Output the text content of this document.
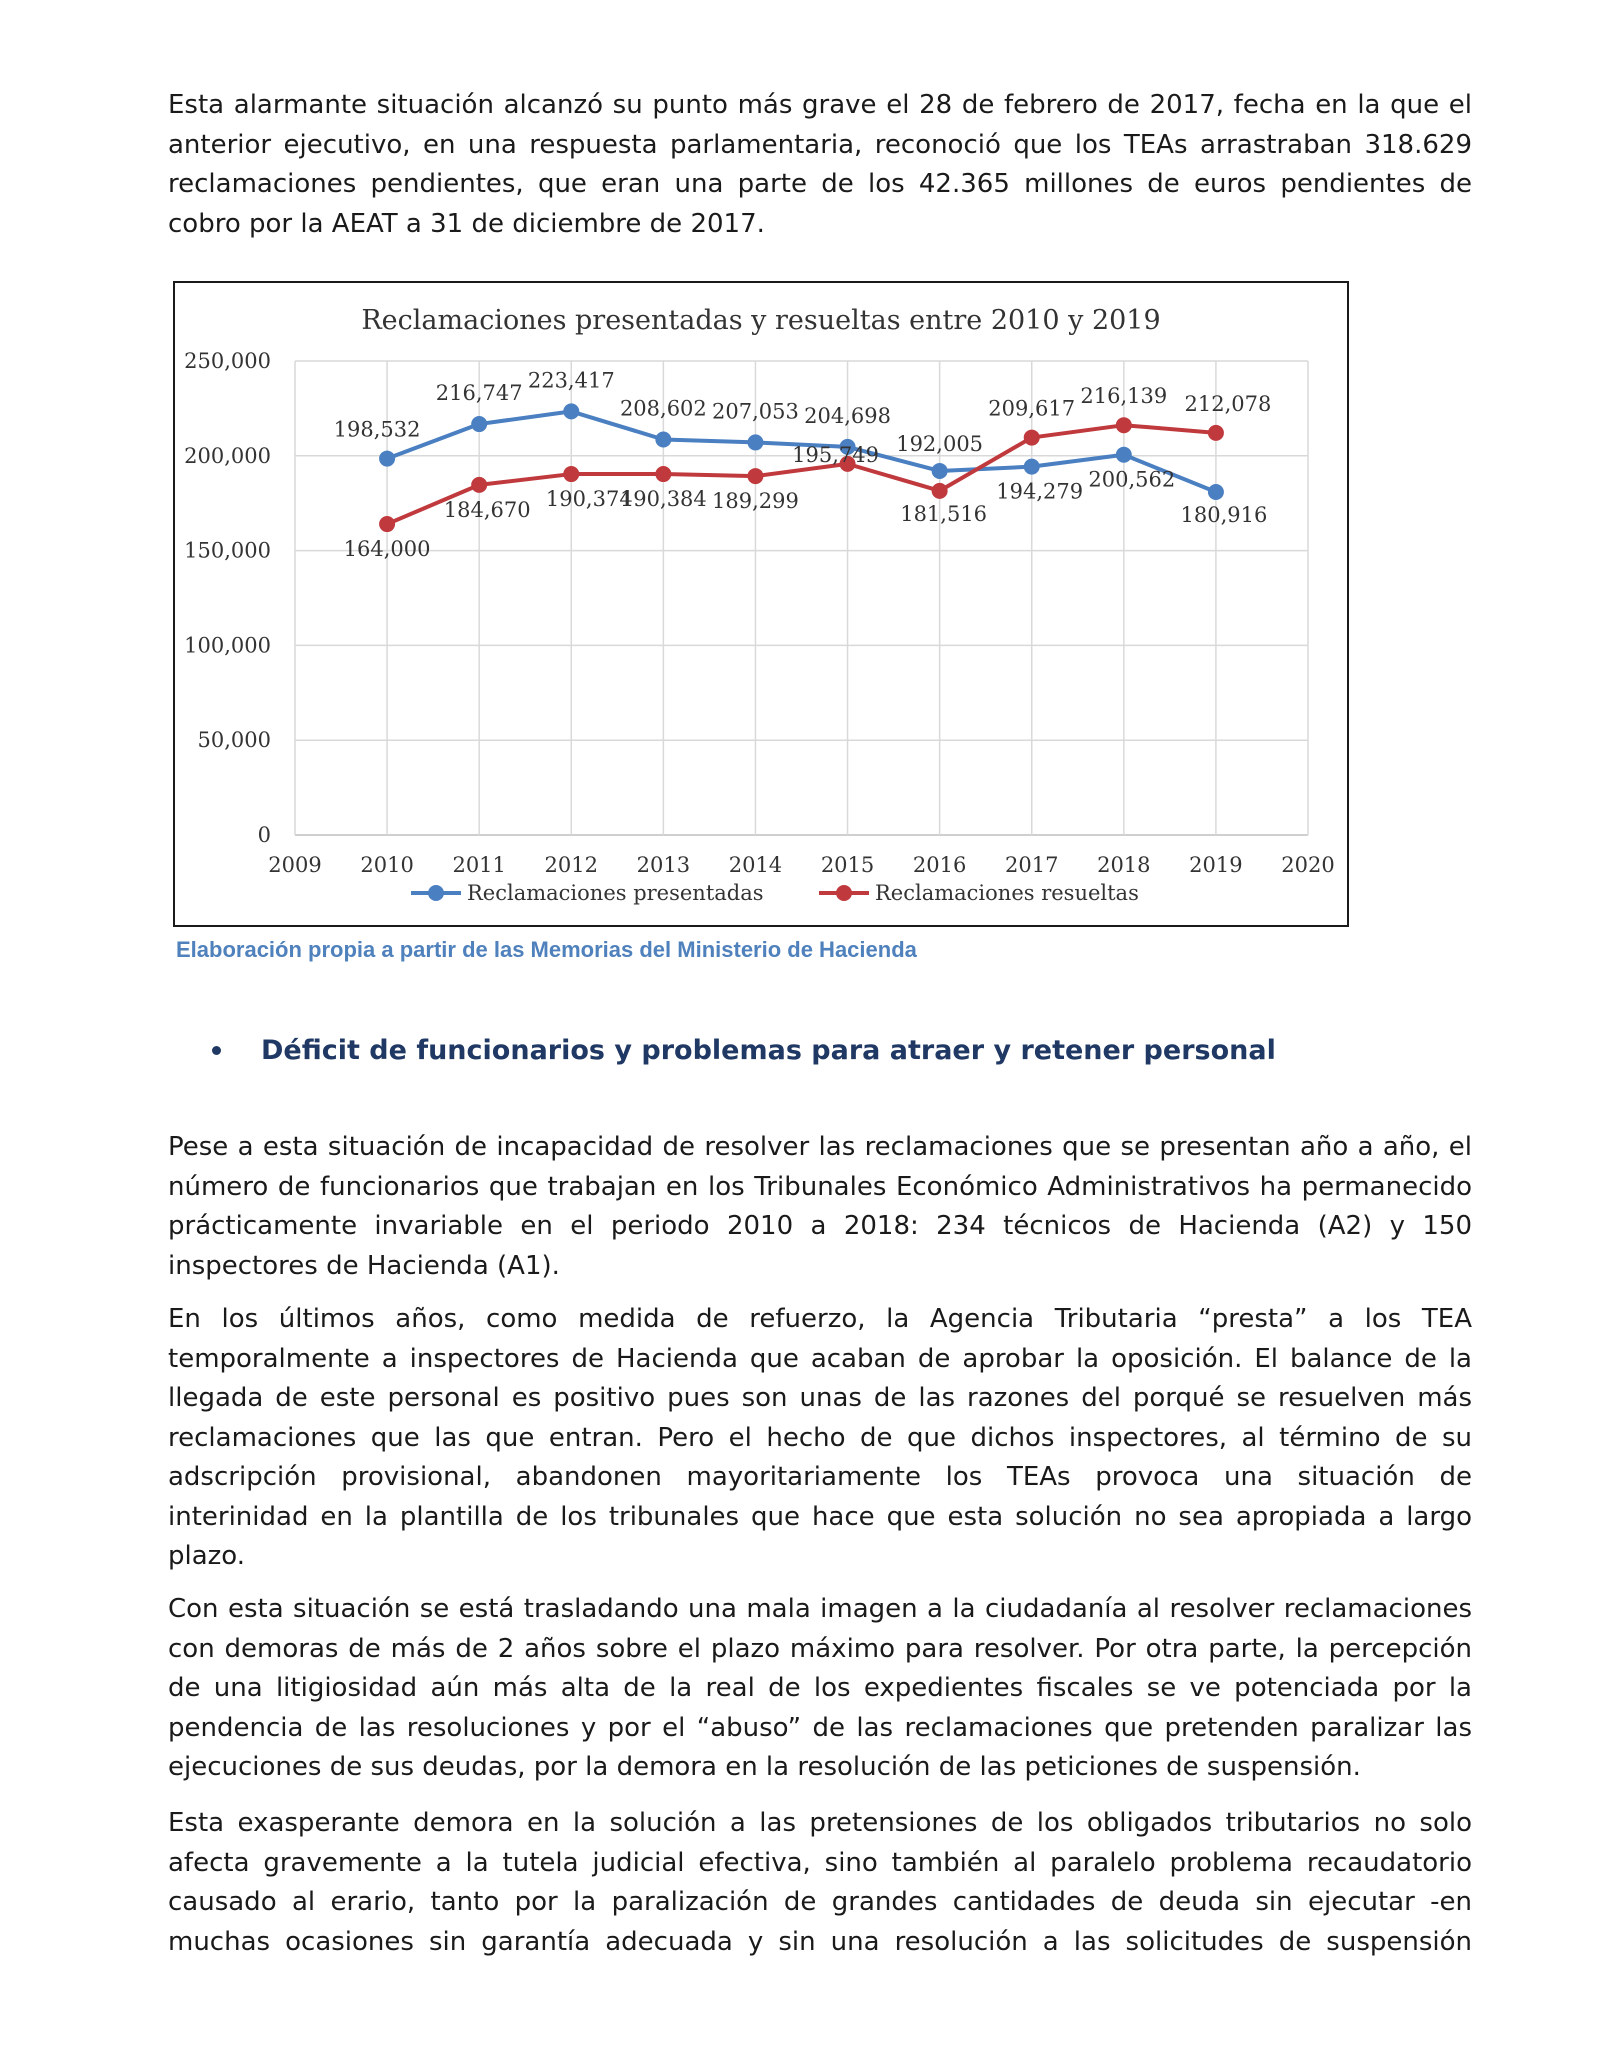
Esta alarmante situación alcanzó su punto más grave el 28 de febrero de 2017, fecha en la que el anterior ejecutivo, en una respuesta parlamentaria, reconoció que los TEAs arrastraban 318.629 reclamaciones pendientes, que eran una parte de los 42.365 millones de euros pendientes de cobro por la AEAT a 31 de diciembre de 2017.

Reclamaciones presentadas y resueltas entre 2010 y 2019
0
50,000
100,000
150,000
200,000
250,000
2009 2010 2011 2012 2013 2014 2015 2016 2017 2018 2019 2020
198,532
216,747
223,417
208,602 207,053 204,698
192,005
194,279 200,562
180,916
164,000
184,670 190,374
190,384 189,299
195,749
181,516
209,617
216,139 212,078
Reclamaciones presentadas	Reclamaciones resueltas
Elaboración propia a partir de las Memorias del Ministerio de Hacienda
Déficit de funcionarios y problemas para atraer y retener personal

Pese a esta situación de incapacidad de resolver las reclamaciones que se presentan año a año, el número de funcionarios que trabajan en los Tribunales Económico Administrativos ha permanecido prácticamente invariable en el periodo 2010 a 2018: 234 técnicos de Hacienda (A2) y 150 inspectores de Hacienda (A1).

En los últimos años, como medida de refuerzo, la Agencia Tributaria “presta” a los TEA temporalmente a inspectores de Hacienda que acaban de aprobar la oposición. El balance de la llegada de este personal es positivo pues son unas de las razones del porqué se resuelven más reclamaciones que las que entran. Pero el hecho de que dichos inspectores, al término de su adscripción provisional, abandonen mayoritariamente los TEAs provoca una situación de interinidad en la plantilla de los tribunales que hace que esta solución no sea apropiada a largo plazo.

Con esta situación se está trasladando una mala imagen a la ciudadanía al resolver reclamaciones con demoras de más de 2 años sobre el plazo máximo para resolver. Por otra parte, la percepción de una litigiosidad aún más alta de la real de los expedientes fiscales se ve potenciada por la pendencia de las resoluciones y por el “abuso” de las reclamaciones que pretenden paralizar las ejecuciones de sus deudas, por la demora en la resolución de las peticiones de suspensión.

Esta exasperante demora en la solución a las pretensiones de los obligados tributarios no solo afecta gravemente a la tutela judicial efectiva, sino también al paralelo problema recaudatorio causado al erario, tanto por la paralización de grandes cantidades de deuda sin ejecutar -en muchas ocasiones sin garantía adecuada y sin una resolución a las solicitudes de suspensión
